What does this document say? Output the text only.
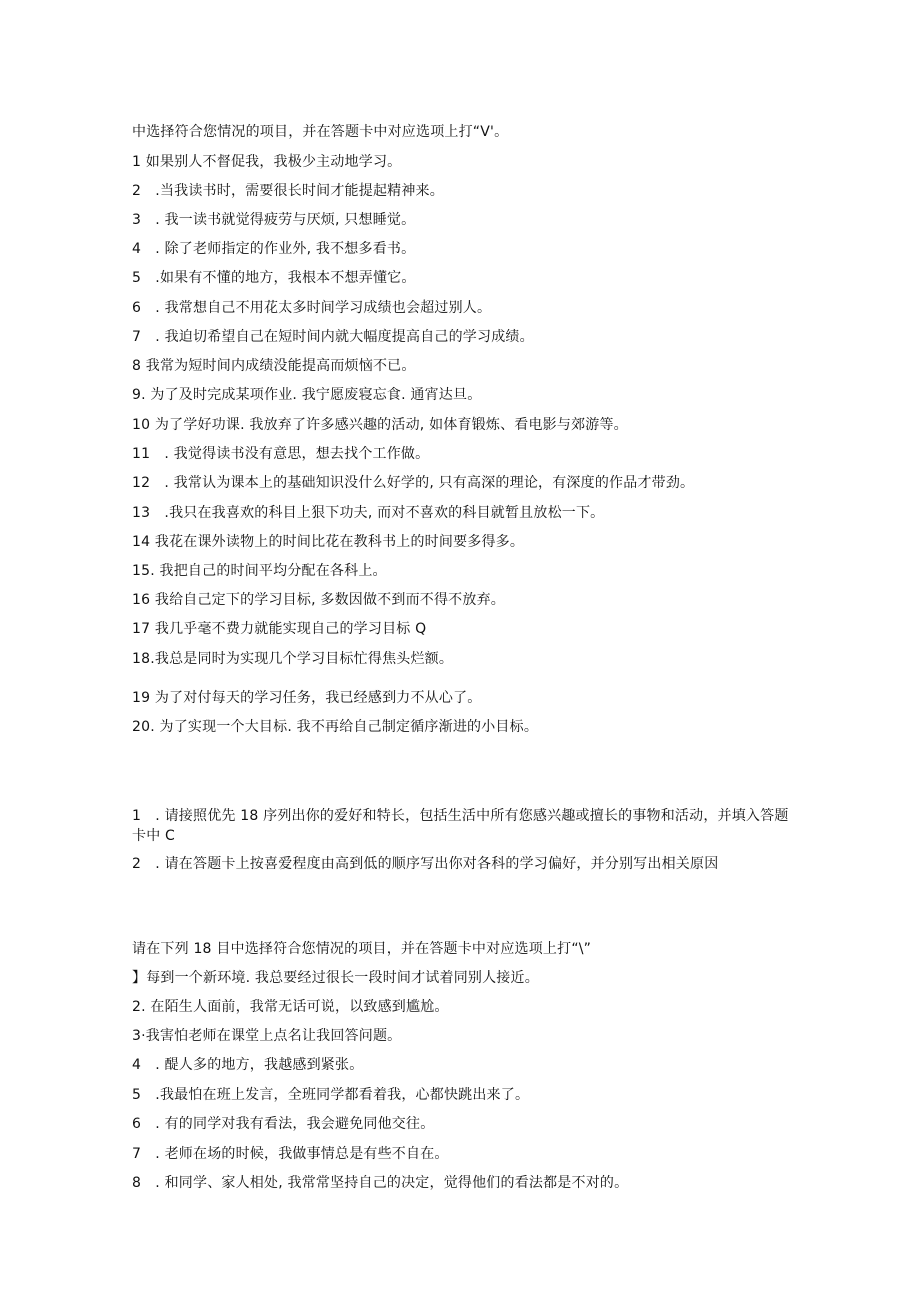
中选择符合您情况的项目，并在答题卡中对应选项上打“V'。
1 如果别人不督促我，我极少主动地学习。
2　.当我读书时，需要很长时间才能提起精神来。
3　. 我一读书就觉得疲劳与厌烦, 只想睡觉。
4　. 除了老师指定的作业外, 我不想多看书。
5　.如果有不懂的地方，我根本不想弄懂它。
6　. 我常想自己不用花太多时间学习成绩也会超过别人。
7　. 我迫切希望自己在短时间内就大幅度提高自己的学习成绩。
8 我常为短时间内成绩没能提高而烦恼不已。
9. 为了及时完成某项作业. 我宁愿废寝忘食. 通宵达旦。
10 为了学好功课. 我放弃了许多感兴趣的活动, 如体育锻炼、看电影与郊游等。
11　. 我觉得读书没有意思，想去找个工作做。
12　. 我常认为课本上的基础知识没什么好学的, 只有高深的理论，有深度的作品才带劲。
13　.我只在我喜欢的科目上狠下功夫, 而对不喜欢的科目就暂且放松一下。
14 我花在课外读物上的时间比花在教科书上的时间要多得多。
15. 我把自己的时间平均分配在各科上。
16 我给自己定下的学习目标, 多数因做不到而不得不放弃。
17 我几乎毫不费力就能实现自己的学习目标 Q
18.我总是同时为实现几个学习目标忙得焦头烂额。
19 为了对付每天的学习任务，我已经感到力不从心了。
20. 为了实现一个大目标. 我不再给自己制定循序渐进的小目标。
1　. 请接照优先 18 序列出你的爱好和特长，包括生活中所有您感兴趣或擅长的事物和活动，并填入答题卡中 C
2　. 请在答题卡上按喜爱程度由高到低的顺序写出你对各科的学习偏好，并分别写出相关原因
请在下列 18 目中选择符合您情况的项目，并在答题卡中对应选项上打“\”
】每到一个新环境. 我总要经过很长一段时间才试着同别人接近。
2. 在陌生人面前，我常无话可说，以致感到尴尬。
3·我害怕老师在课堂上点名让我回答问题。
4　. 醍人多的地方，我越感到紧张。
5　.我最怕在班上发言，全班同学都看着我，心都快跳出来了。
6　. 有的同学对我有看法，我会避免同他交往。
7　. 老师在场的时候，我做事情总是有些不自在。
8　. 和同学、家人相处, 我常常坚持自己的决定，觉得他们的看法都是不对的。
